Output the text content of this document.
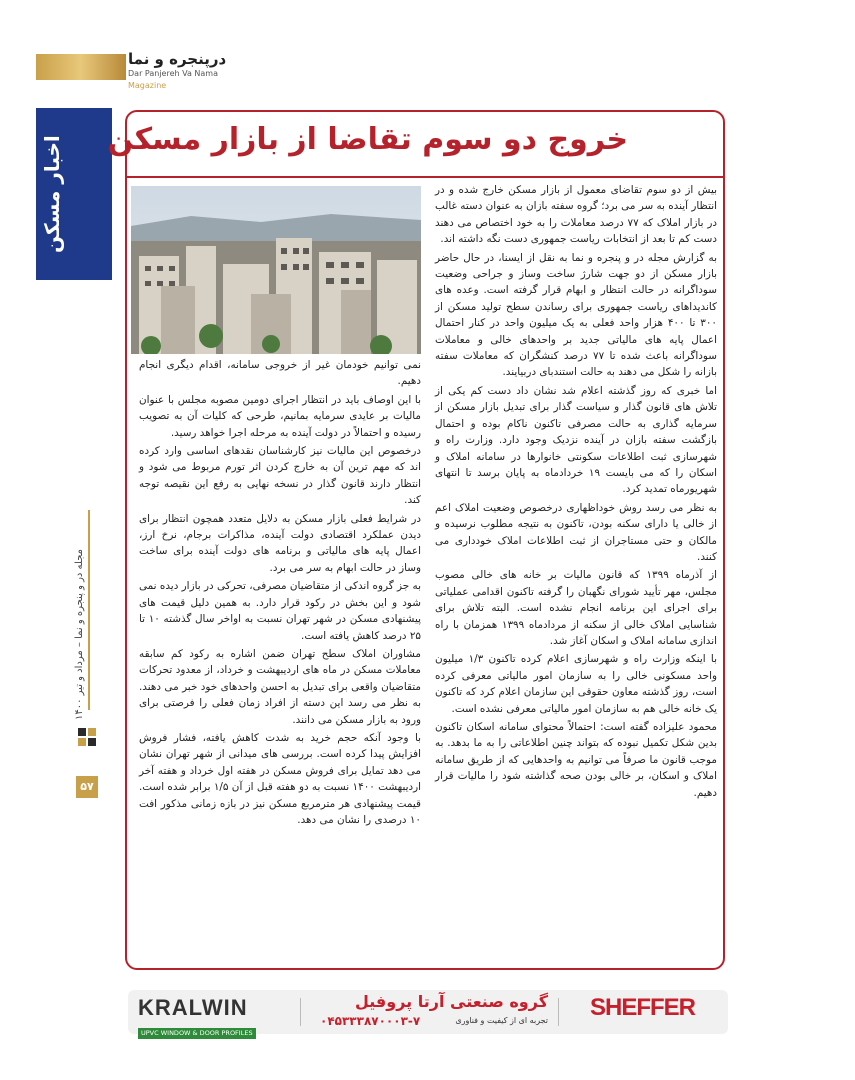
درپنجره و نما
Dar Panjereh Va Nama Magazine
اخبار مسکن
مجله در و پنجره و نما – مرداد و تیر ۱۴۰۰
۵۷
خروج دو سوم تقاضا از بازار مسکن

بیش از دو سوم تقاضای معمول از بازار مسکن خارج شده و در انتظار آینده به سر می برد؛ گروه سفته بازان به عنوان دسته غالب در بازار املاک که ۷۷ درصد معاملات را به خود اختصاص می دهند دست کم تا بعد از انتخابات ریاست جمهوری دست نگه داشته اند.

به گزارش مجله در و پنجره و نما به نقل از ایسنا، در حال حاضر بازار مسکن از دو جهت شارژ ساخت وساز و جراحی وضعیت سوداگرانه در حالت انتظار و ابهام قرار گرفته است. وعده های کاندیداهای ریاست جمهوری برای رساندن سطح تولید مسکن از ۳۰۰ تا ۴۰۰ هزار واحد فعلی به یک میلیون واحد در کنار احتمال اعمال پایه های مالیاتی جدید بر واحدهای خالی و معاملات سوداگرانه باعث شده تا ۷۷ درصد کنشگران که معاملات سفته بازانه را شکل می دهند به حالت استندبای دربیایند.

اما خبری که روز گذشته اعلام شد نشان داد دست کم یکی از تلاش های قانون گذار و سیاست گذار برای تبدیل بازار مسکن از سرمایه گذاری به حالت مصرفی تاکنون ناکام بوده و احتمال بازگشت سفته بازان در آینده نزدیک وجود دارد. وزارت راه و شهرسازی ثبت اطلاعات سکونتی خانوارها در سامانه املاک و اسکان را که می بایست ۱۹ خردادماه به پایان برسد تا انتهای شهریورماه تمدید کرد.

به نظر می رسد روش خوداظهاری درخصوص وضعیت املاک اعم از خالی یا دارای سکنه بودن، تاکنون به نتیجه مطلوب نرسیده و مالکان و حتی مستاجران از ثبت اطلاعات املاک خودداری می کنند.

از آذرماه ۱۳۹۹ که قانون مالیات بر خانه های خالی مصوب مجلس، مهر تأیید شورای نگهبان را گرفته تاکنون اقدامی عملیاتی برای اجرای این برنامه انجام نشده است. البته تلاش برای شناسایی املاک خالی از سکنه از مردادماه ۱۳۹۹ همزمان با راه اندازی سامانه املاک و اسکان آغاز شد.

با اینکه وزارت راه و شهرسازی اعلام کرده تاکنون ۱/۳ میلیون واحد مسکونی خالی را به سازمان امور مالیاتی معرفی کرده است، روز گذشته معاون حقوقی این سازمان اعلام کرد که تاکنون یک خانه خالی هم به سازمان امور مالیاتی معرفی نشده است.

محمود علیزاده گفته است: احتمالاً محتوای سامانه اسکان تاکنون بدین شکل تکمیل نبوده که بتواند چنین اطلاعاتی را به ما بدهد. به موجب قانون ما صرفاً می توانیم به واحدهایی که از طریق سامانه املاک و اسکان، بر خالی بودن صحه گذاشته شود را مالیات قرار دهیم.

نمی توانیم خودمان غیر از خروجی سامانه، اقدام دیگری انجام دهیم.

با این اوصاف باید در انتظار اجرای دومین مصوبه مجلس با عنوان مالیات بر عایدی سرمایه بمانیم، طرحی که کلیات آن به تصویب رسیده و احتمالاً در دولت آینده به مرحله اجرا خواهد رسید.

درخصوص این مالیات نیز کارشناسان نقدهای اساسی وارد کرده اند که مهم ترین آن به خارج کردن اثر تورم مربوط می شود و انتظار دارند قانون گذار در نسخه نهایی به رفع این نقیصه توجه کند.

در شرایط فعلی بازار مسکن به دلایل متعدد همچون انتظار برای دیدن عملکرد اقتصادی دولت آینده، مذاکرات برجام، نرخ ارز، اعمال پایه های مالیاتی و برنامه های دولت آینده برای ساخت وساز در حالت ابهام به سر می برد.

به جز گروه اندکی از متقاضیان مصرفی، تحرکی در بازار دیده نمی شود و این بخش در رکود قرار دارد. به همین دلیل قیمت های پیشنهادی مسکن در شهر تهران نسبت به اواخر سال گذشته ۱۰ تا ۲۵ درصد کاهش یافته است.

مشاوران املاک سطح تهران ضمن اشاره به رکود کم سابقه معاملات مسکن در ماه های اردیبهشت و خرداد، از معدود تحرکات متقاضیان واقعی برای تبدیل به احسن واحدهای خود خبر می دهند. به نظر می رسد این دسته از افراد زمان فعلی را فرصتی برای ورود به بازار مسکن می دانند.

با وجود آنکه حجم خرید به شدت کاهش یافته، فشار فروش افزایش پیدا کرده است. بررسی های میدانی از شهر تهران نشان می دهد تمایل برای فروش مسکن در هفته اول خرداد و هفته آخر اردیبهشت ۱۴۰۰ نسبت به دو هفته قبل از آن ۱/۵ برابر شده است. قیمت پیشنهادی هر مترمربع مسکن نیز در بازه زمانی مذکور افت ۱۰ درصدی را نشان می دهد.

KRALWIN
UPVC WINDOW & DOOR PROFILES
گروه صنعتی آرتا پروفیل
۰۴۵۳۳۳۸۷۰۰۰۳-۷	تجربه ای از کیفیت و فناوری SHEFFER
